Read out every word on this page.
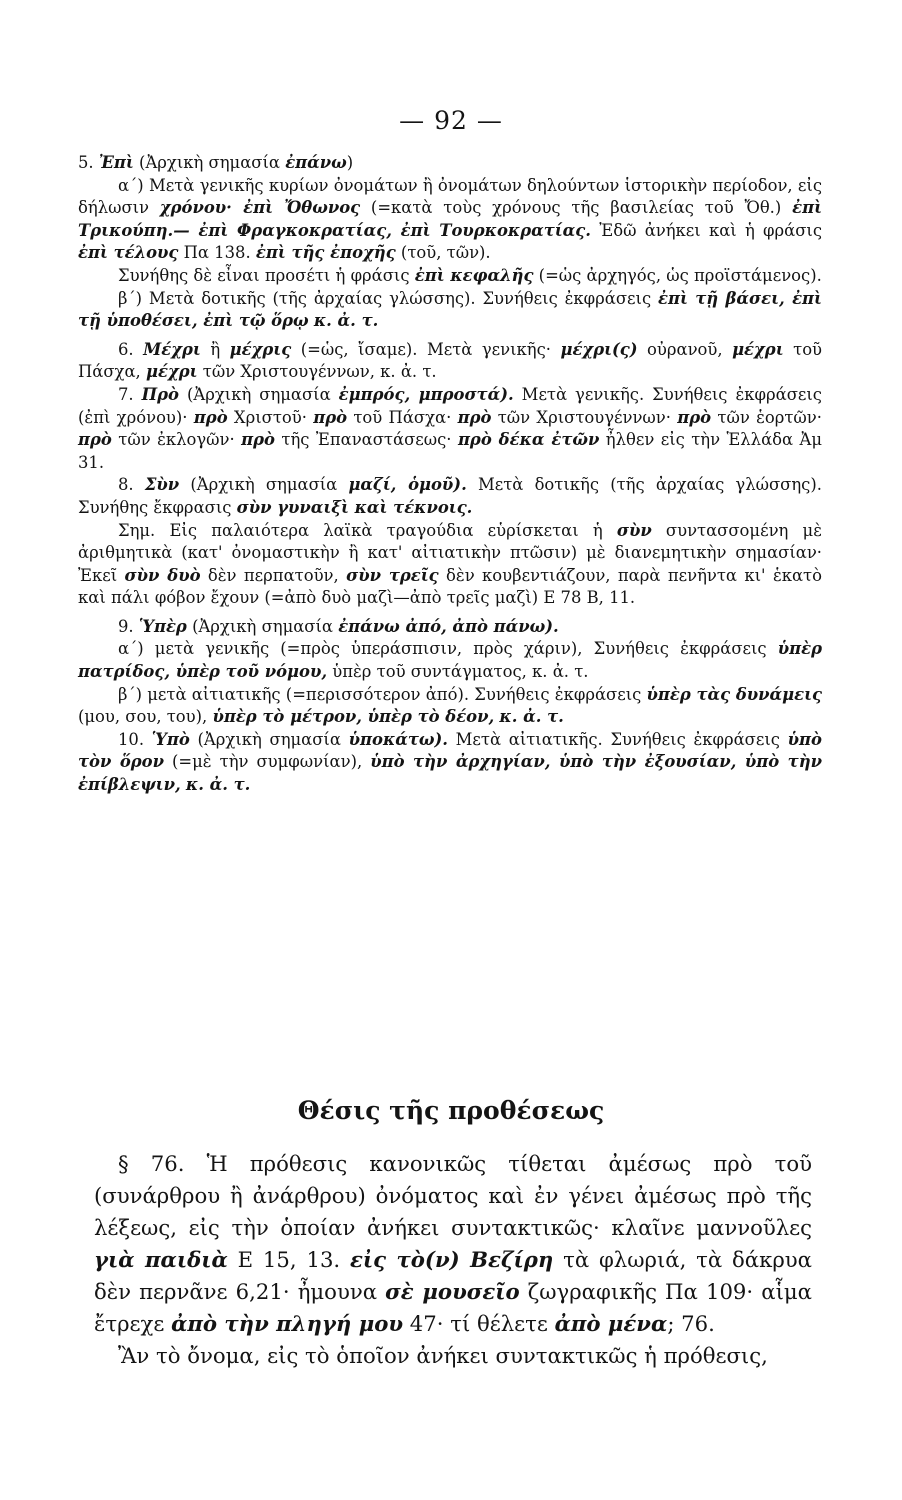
— 92 —

5. Ἐπὶ (Ἀρχικὴ σημασία ἐπάνω)

α΄) Μετὰ γενικῆς κυρίων ὀνομάτων ἢ ὀνομάτων δηλούντων ἱστορικὴν περίοδον, εἰς δήλωσιν χρόνου· ἐπὶ Ὄθωνος (=κατὰ τοὺς χρόνους τῆς βασιλείας τοῦ Ὄθ.) ἐπὶ Τρικούπη.— ἐπὶ Φραγκοκρατίας, ἐπὶ Τουρκοκρατίας. Ἐδῶ ἀνήκει καὶ ἡ φράσις ἐπὶ τέλους Πα 138. ἐπὶ τῆς ἐποχῆς (τοῦ, τῶν).

Συνήθης δὲ εἶναι προσέτι ἡ φράσις ἐπὶ κεφαλῆς (=ὡς ἀρχηγός, ὡς προϊστάμενος).

β΄) Μετὰ δοτικῆς (τῆς ἀρχαίας γλώσσης). Συνήθεις ἐκφράσεις ἐπὶ τῇ βάσει, ἐπὶ τῇ ὑποθέσει, ἐπὶ τῷ ὅρῳ κ. ἀ. τ.

6. Μέχρι ἢ μέχρις (=ὡς, ἴσαμε). Μετὰ γενικῆς· μέχρι(ς) οὐρανοῦ, μέχρι τοῦ Πάσχα, μέχρι τῶν Χριστουγέννων, κ. ἀ. τ.

7. Πρὸ (Ἀρχικὴ σημασία ἐμπρός, μπροστά). Μετὰ γενικῆς. Συνήθεις ἐκφράσεις (ἐπὶ χρόνου)· πρὸ Χριστοῦ· πρὸ τοῦ Πάσχα· πρὸ τῶν Χριστουγέννων· πρὸ τῶν ἑορτῶν· πρὸ τῶν ἐκλογῶν· πρὸ τῆς Ἐπαναστάσεως· πρὸ δέκα ἐτῶν ἦλθεν εἰς τὴν Ἑλλάδα Ἀμ 31.

8. Σὺν (Ἀρχικὴ σημασία μαζί, ὁμοῦ). Μετὰ δοτικῆς (τῆς ἀρχαίας γλώσσης). Συνήθης ἔκφρασις σὺν γυναιξὶ καὶ τέκνοις.

Σημ. Εἰς παλαιότερα λαϊκὰ τραγούδια εὑρίσκεται ἡ σὺν συντασσομένη μὲ ἀριθμητικὰ (κατ' ὀνομαστικὴν ἢ κατ' αἰτιατικὴν πτῶσιν) μὲ διανεμητικὴν σημασίαν· Ἐκεῖ σὺν δυὸ δὲν περπατοῦν, σὺν τρεῖς δὲν κουβεντιάζουν, παρὰ πενῆντα κι' ἑκατὸ καὶ πάλι φόβον ἔχουν (=ἀπὸ δυὸ μαζὶ—ἀπὸ τρεῖς μαζὶ) Ε 78 Β, 11.

9. Ὑπὲρ (Ἀρχικὴ σημασία ἐπάνω ἀπό, ἀπὸ πάνω).

α΄) μετὰ γενικῆς (=πρὸς ὑπεράσπισιν, πρὸς χάριν), Συνήθεις ἐκφράσεις ὑπὲρ πατρίδος, ὑπὲρ τοῦ νόμου, ὑπὲρ τοῦ συντάγματος, κ. ἀ. τ.

β΄) μετὰ αἰτιατικῆς (=περισσότερον ἀπό). Συνήθεις ἐκφράσεις ὑπὲρ τὰς δυνάμεις (μου, σου, του), ὑπὲρ τὸ μέτρον, ὑπὲρ τὸ δέον, κ. ἀ. τ.

10. Ὑπὸ (Ἀρχικὴ σημασία ὑποκάτω). Μετὰ αἰτιατικῆς. Συνήθεις ἐκφράσεις ὑπὸ τὸν ὅρον (=μὲ τὴν συμφωνίαν), ὑπὸ τὴν ἀρχηγίαν, ὑπὸ τὴν ἐξουσίαν, ὑπὸ τὴν ἐπίβλεψιν, κ. ἀ. τ.

Θέσις τῆς προθέσεως

§ 76. Ἡ πρόθεσις κανονικῶς τίθεται ἀμέσως πρὸ τοῦ (συνάρθρου ἢ ἀνάρθρου) ὀνόματος καὶ ἐν γένει ἀμέσως πρὸ τῆς λέξεως, εἰς τὴν ὁποίαν ἀνήκει συντακτικῶς· κλαῖνε μαννοῦλες γιὰ παιδιὰ Ε 15, 13. εἰς τὸ(ν) Βεζίρη τὰ φλωριά, τὰ δάκρυα δὲν περνᾶνε 6,21· ἦμουνα σὲ μουσεῖο ζωγραφικῆς Πα 109· αἷμα ἔτρεχε ἀπὸ τὴν πληγή μου 47· τί θέλετε ἀπὸ μένα; 76.

Ἂν τὸ ὄνομα, εἰς τὸ ὁποῖον ἀνήκει συντακτικῶς ἡ πρόθεσις,
